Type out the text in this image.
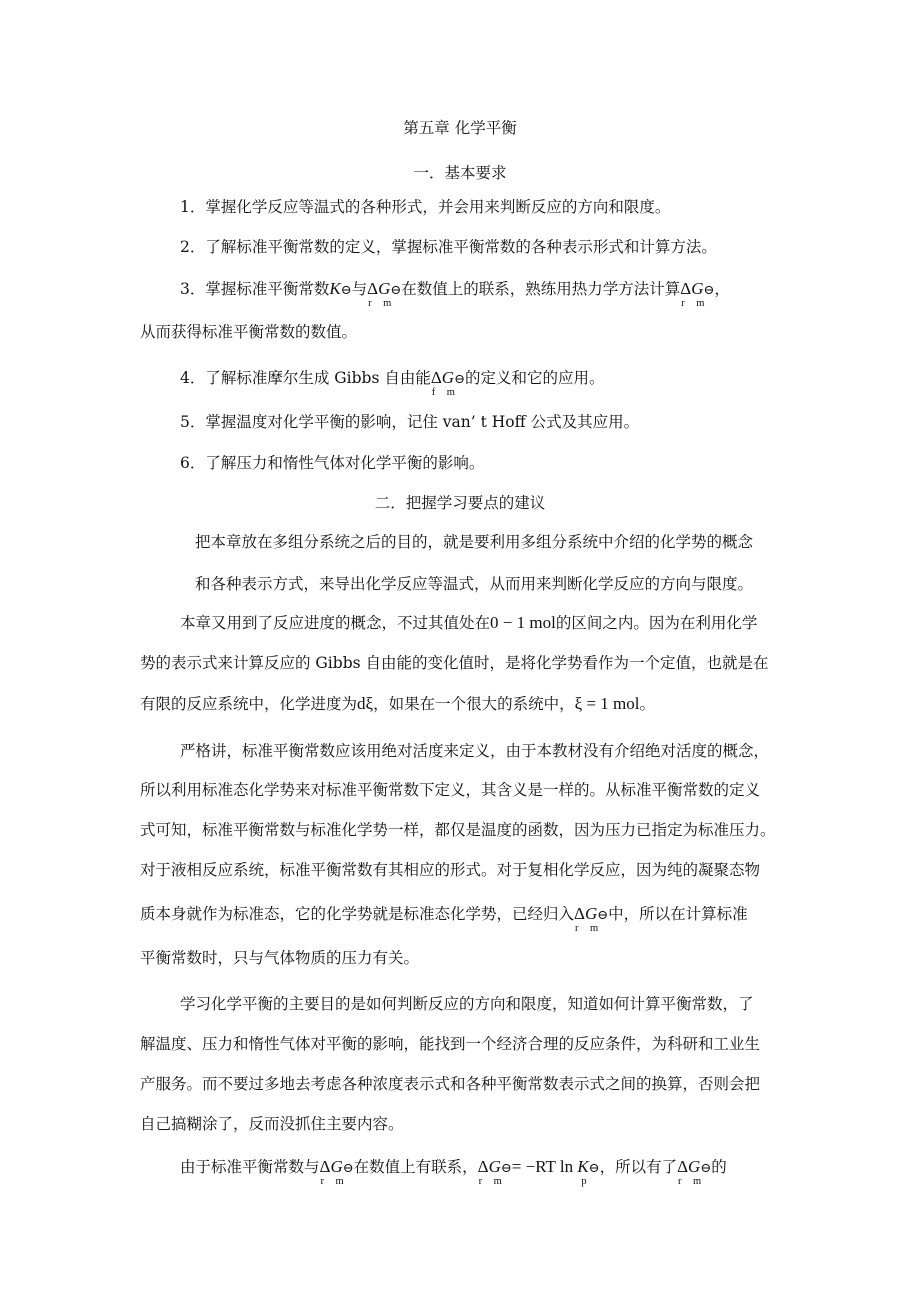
第五章 化学平衡
一．基本要求
1．掌握化学反应等温式的各种形式，并会用来判断反应的方向和限度。
2．了解标准平衡常数的定义，掌握标准平衡常数的各种表示形式和计算方法。
3．掌握标准平衡常数K⊖与Δ
r m
G⊖在数值上的联系，熟练用热力学方法计算Δ
r m
G⊖，
从而获得标准平衡常数的数值。
4．了解标准摩尔生成 Gibbs 自由能Δ
f m
G⊖的定义和它的应用。
5．掌握温度对化学平衡的影响，记住 van’ t Hoff 公式及其应用。
6．了解压力和惰性气体对化学平衡的影响。
二．把握学习要点的建议
把本章放在多组分系统之后的目的，就是要利用多组分系统中介绍的化学势的概念
和各种表示方式，来导出化学反应等温式，从而用来判断化学反应的方向与限度。
本章又用到了反应进度的概念，不过其值处在0 − 1 mol的区间之内。因为在利用化学
势的表示式来计算反应的 Gibbs 自由能的变化值时，是将化学势看作为一个定值，也就是在
有限的反应系统中，化学进度为dξ，如果在一个很大的系统中，ξ = 1 mol。
严格讲，标准平衡常数应该用绝对活度来定义，由于本教材没有介绍绝对活度的概念，
所以利用标准态化学势来对标准平衡常数下定义，其含义是一样的。从标准平衡常数的定义
式可知，标准平衡常数与标准化学势一样，都仅是温度的函数，因为压力已指定为标准压力。
对于液相反应系统，标准平衡常数有其相应的形式。对于复相化学反应，因为纯的凝聚态物
质本身就作为标准态，它的化学势就是标准态化学势，已经归入Δ
r m
G⊖中，所以在计算标准
平衡常数时，只与气体物质的压力有关。
学习化学平衡的主要目的是如何判断反应的方向和限度，知道如何计算平衡常数，了
解温度、压力和惰性气体对平衡的影响，能找到一个经济合理的反应条件，为科研和工业生
产服务。而不要过多地去考虑各种浓度表示式和各种平衡常数表示式之间的换算，否则会把
自己搞糊涂了，反而没抓住主要内容。
由于标准平衡常数与Δ
r m
G⊖在数值上有联系，Δ
r m
G⊖= −RT ln K
p
⊖，所以有了Δ
r m
G⊖的
